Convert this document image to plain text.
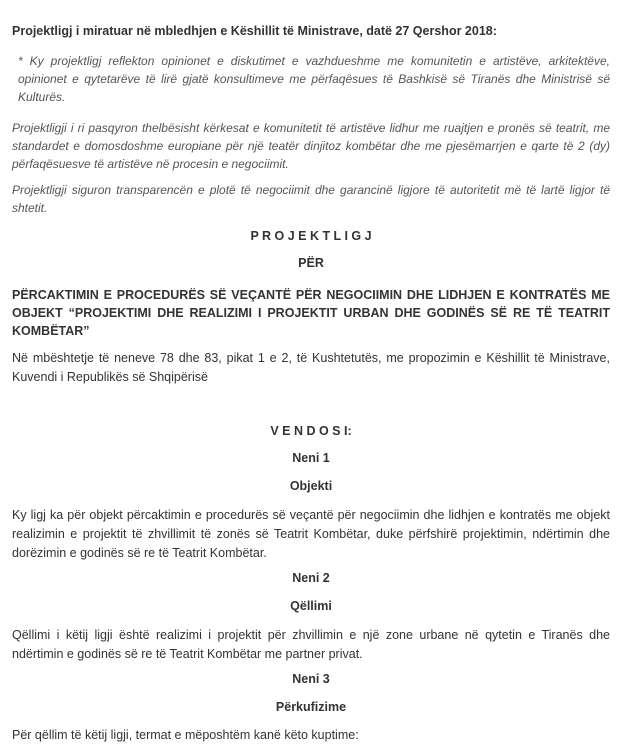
Projektligj i miratuar në mbledhjen e Këshillit të Ministrave, datë 27 Qershor 2018:

* Ky projektligj reflekton opinionet e diskutimet e vazhdueshme me komunitetin e artistëve, arkitektëve, opinionet e qytetarëve të lirë gjatë konsultimeve me përfaqësues të Bashkisë së Tiranës dhe Ministrisë së Kulturës.

Projektligji i ri pasqyron thelbësisht kërkesat e komunitetit të artistëve lidhur me ruajtjen e pronës së teatrit, me standardet e domosdoshme europiane për një teatër dinjitoz kombëtar dhe me pjesëmarrjen e qarte të 2 (dy) përfaqësuesve të artistëve në procesin e negociimit.

Projektligji siguron transparencën e plotë të negociimit dhe garancinë ligjore të autoritetit më të lartë ligjor të shtetit.

P R O J E K T L I G J
PËR
PËRCAKTIMIN E PROCEDURËS SË VEÇANTË PËR NEGOCIIMIN DHE LIDHJEN E KONTRATËS ME OBJEKT “PROJEKTIMI DHE REALIZIMI I PROJEKTIT URBAN DHE GODINËS SË RE TË TEATRIT KOMBËTAR”
Në mbështetje të neneve 78 dhe 83, pikat 1 e 2, të Kushtetutës, me propozimin e Këshillit të Ministrave, Kuvendi i Republikës së Shqipërisë
V E N D O S I:
Neni 1
Objekti
Ky ligj ka për objekt përcaktimin e procedurës së veçantë për negociimin dhe lidhjen e kontratës me objekt realizimin e projektit të zhvillimit të zonës së Teatrit Kombëtar, duke përfshirë projektimin, ndërtimin dhe dorëzimin e godinës së re të Teatrit Kombëtar.
Neni 2
Qëllimi
Qëllimi i këtij ligji është realizimi i projektit për zhvillimin e një zone urbane në qytetin e Tiranës dhe ndërtimin e godinës së re të Teatrit Kombëtar me partner privat.
Neni 3
Përkufizime
Për qëllim të këtij ligji, termat e mëposhtëm kanë këto kuptime:
